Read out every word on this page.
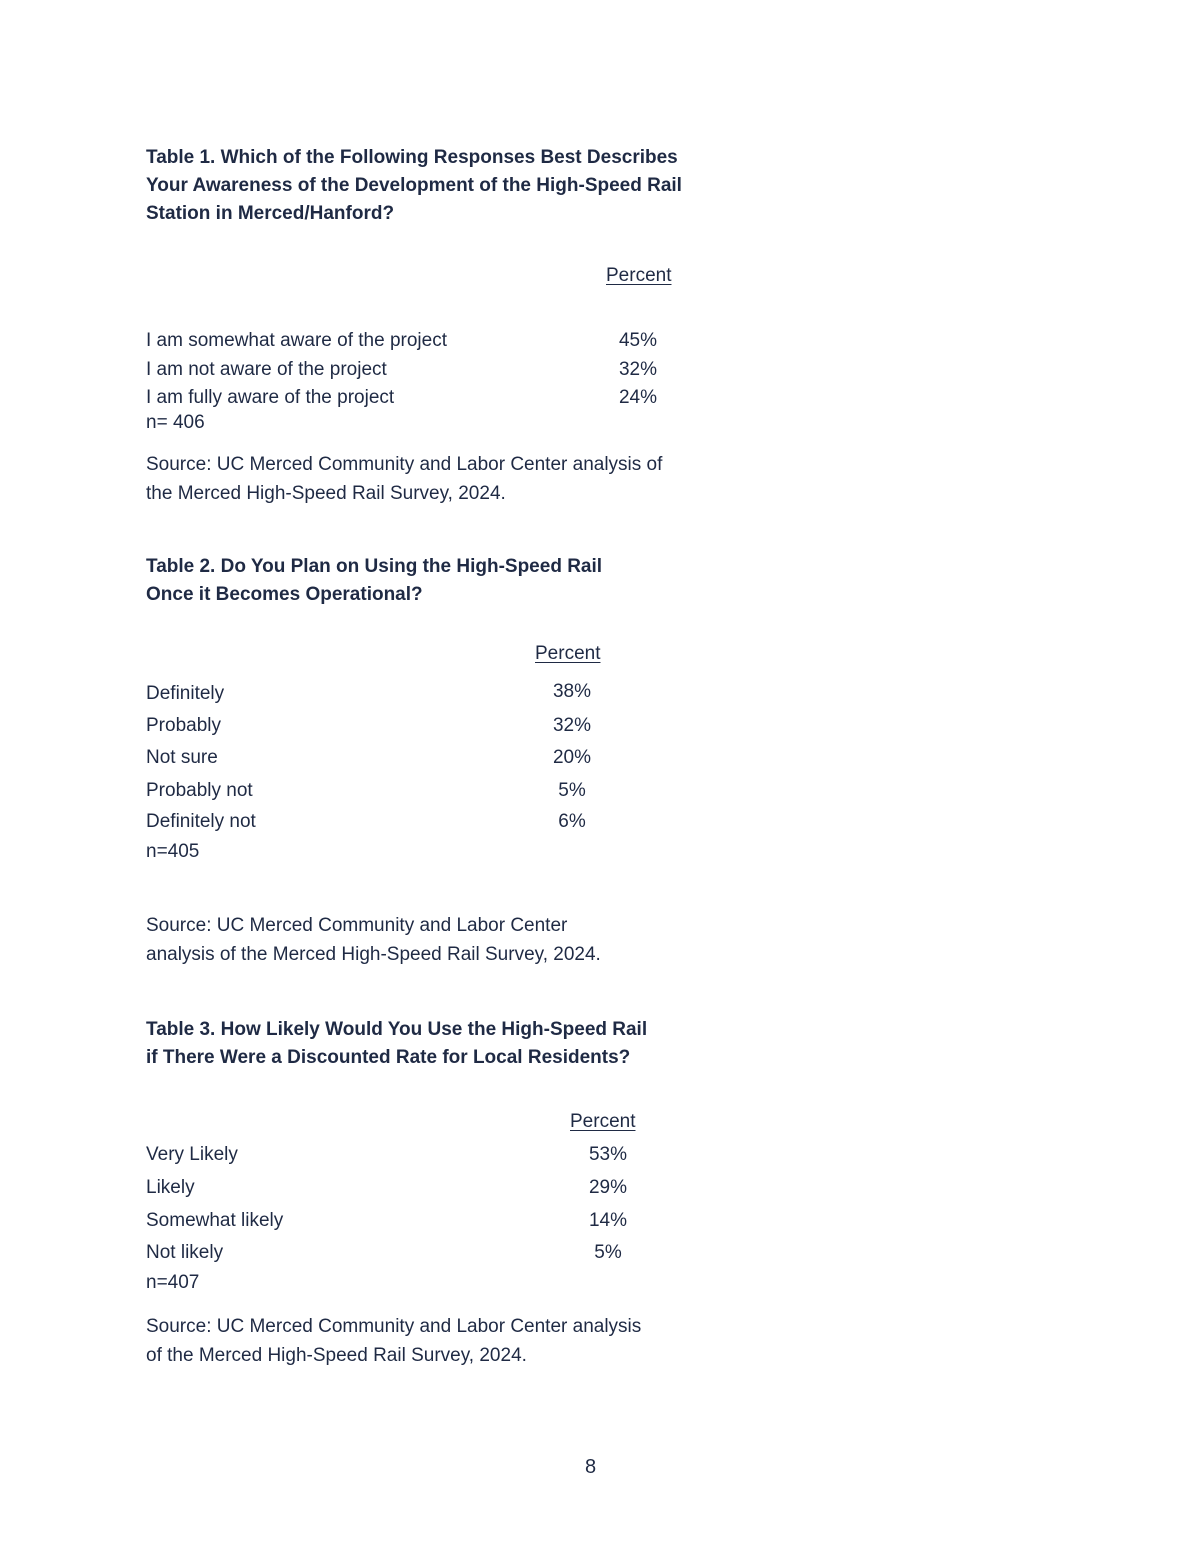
Table 1. Which of the Following Responses Best Describes
Your Awareness of the Development of the High-Speed Rail
Station in Merced/Hanford?
Percent
I am somewhat aware of the project	45%
I am not aware of the project	32%
I am fully aware of the project	24%
n= 406
Source: UC Merced Community and Labor Center analysis of
the Merced High-Speed Rail Survey, 2024.
Table 2. Do You Plan on Using the High-Speed Rail
Once it Becomes Operational?
Percent
Definitely	38%
Probably	32%
Not sure	20%
Probably not	5%
Definitely not	6%
n=405
Source: UC Merced Community and Labor Center
analysis of the Merced High-Speed Rail Survey, 2024.
Table 3. How Likely Would You Use the High-Speed Rail
if There Were a Discounted Rate for Local Residents?
Percent
Very Likely	53%
Likely	29%
Somewhat likely	14%
Not likely	5%
n=407
Source: UC Merced Community and Labor Center analysis
of the Merced High-Speed Rail Survey, 2024.
8
